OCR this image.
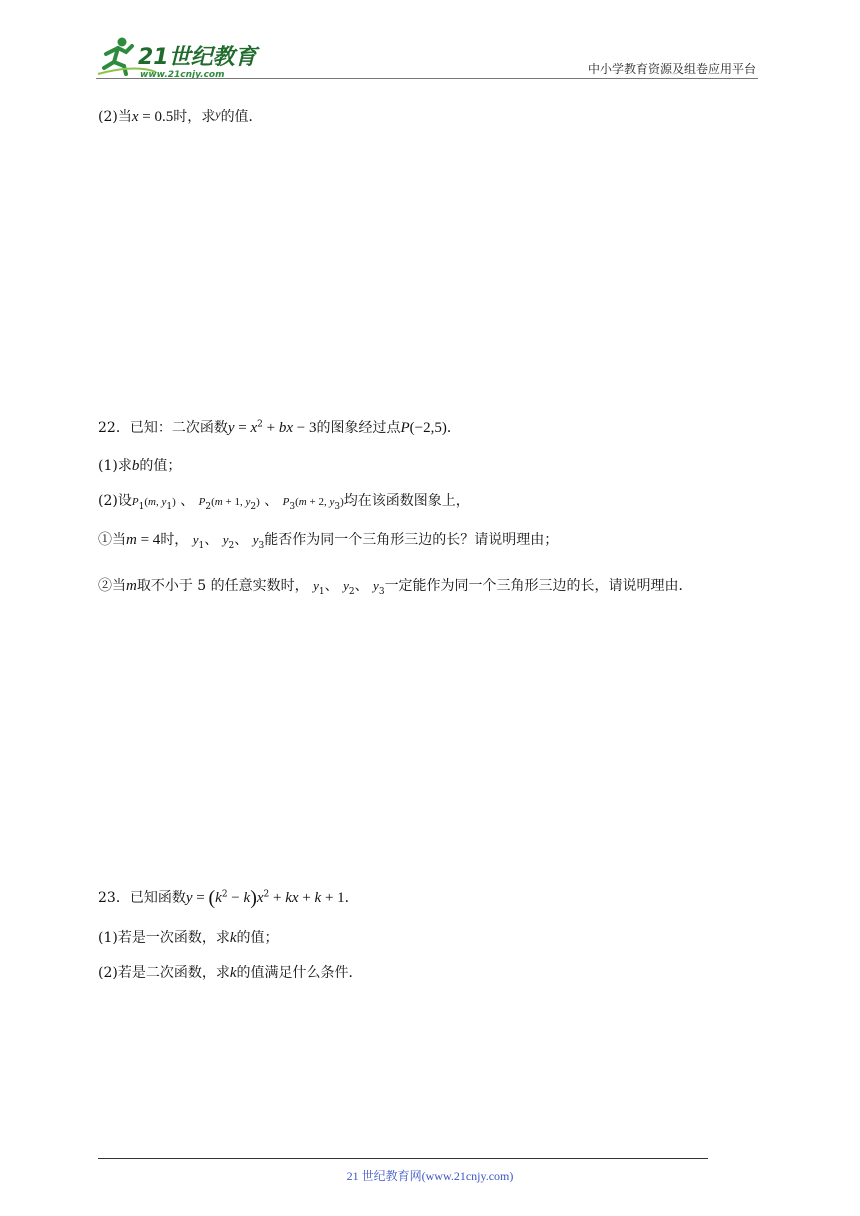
21世纪教育
www.21cnjy.com	中小学教育资源及组卷应用平台
(2)当x = 0.5时，求y的值．
22．已知：二次函数$y = x^2$ + bx − 3的图象经过点P(−2,5)．
(1)求b的值；
(2)设$P_1(m$, $y_1$) 、 $P_2(m + 1$, $y_2$) 、 $P_3(m + 2$, $y_3$)均在该函数图象上，
①当m = 4时， $y_1$、 $y_2$、 $y_3$能否作为同一个三角形三边的长？请说明理由；
②当m取不小于 5 的任意实数时， $y_1$、 $y_2$、 $y_3$一定能作为同一个三角形三边的长，请说明理由．
23．已知函数$y = (k^2 - k)x^2$ + kx + k + 1．
(1)若是一次函数，求k的值；
(2)若是二次函数，求k的值满足什么条件．
21 世纪教育网(www.21cnjy.com)
